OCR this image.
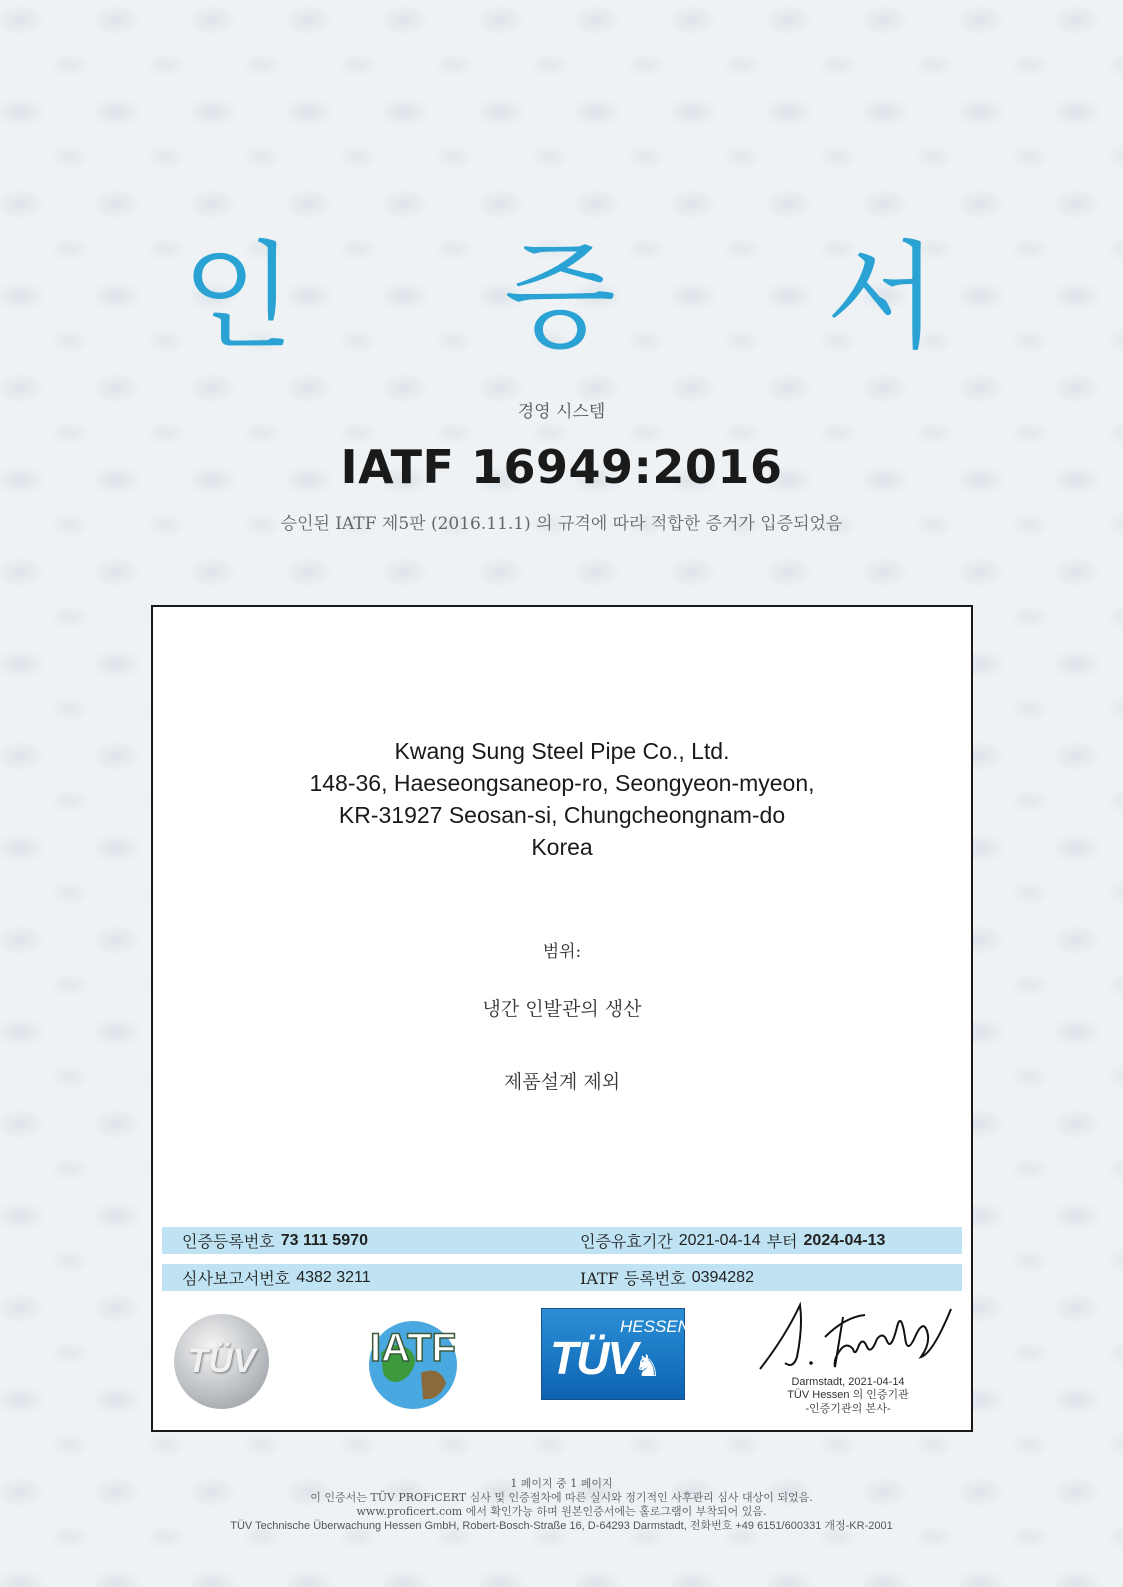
인 증 서
경영 시스템
IATF 16949:2016
승인된 IATF 제5판 (2016.11.1) 의 규격에 따라 적합한 증거가 입증되었음
Kwang Sung Steel Pipe Co., Ltd.
148-36, Haeseongsaneop-ro, Seongyeon-myeon,
KR-31927 Seosan-si, Chungcheongnam-do
Korea
범위:
냉간 인발관의 생산
제품설계 제외
인증등록번호 73 111 5970	인증유효기간 2021-04-14 부터 2024-04-13
심사보고서번호 4382 3211	IATF 등록번호 0394282
TÜV	IATF TÜV
HESSEN
♞	Darmstadt, 2021-04-14
TÜV Hessen 의 인증기관
-인증기관의 본사-
1 페이지 중 1 페이지
이 인증서는 TÜV PROFiCERT 심사 및 인증절차에 따른 실시와 정기적인 사후관리 심사 대상이 되었음.
www.proficert.com 에서 확인가능 하며 원본인증서에는 홀로그램이 부착되어 있음.
TÜV Technische Überwachung Hessen GmbH, Robert-Bosch-Straße 16, D-64293 Darmstadt, 전화번호 +49 6151/600331 개정-KR-2001
